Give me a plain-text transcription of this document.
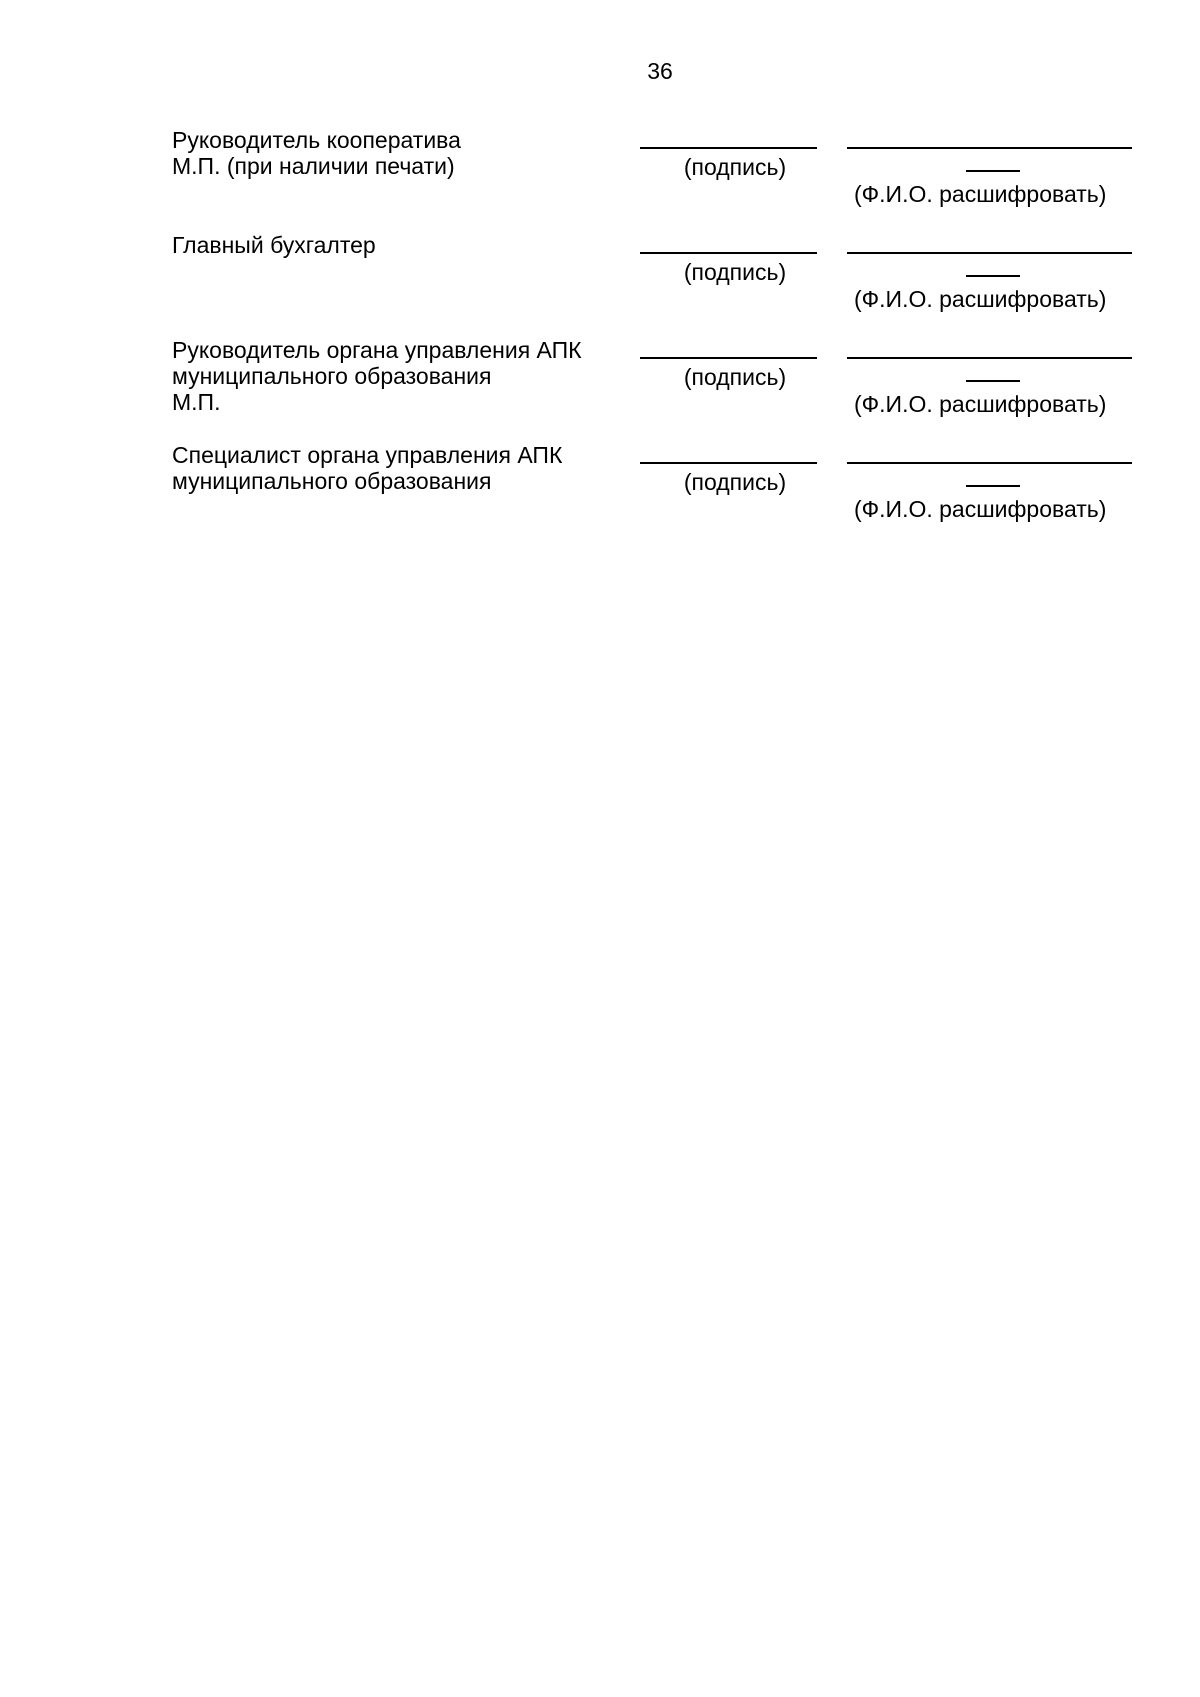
36
Руководитель кооператива
М.П. (при наличии печати)	(подпись)
(Ф.И.О. расшифровать)
Главный бухгалтер
(подпись)
(Ф.И.О. расшифровать)
Руководитель органа управления АПК
муниципального образования
М.П.
(подпись)
(Ф.И.О. расшифровать)
Специалист органа управления АПК
муниципального образования	(подпись)
(Ф.И.О. расшифровать)
